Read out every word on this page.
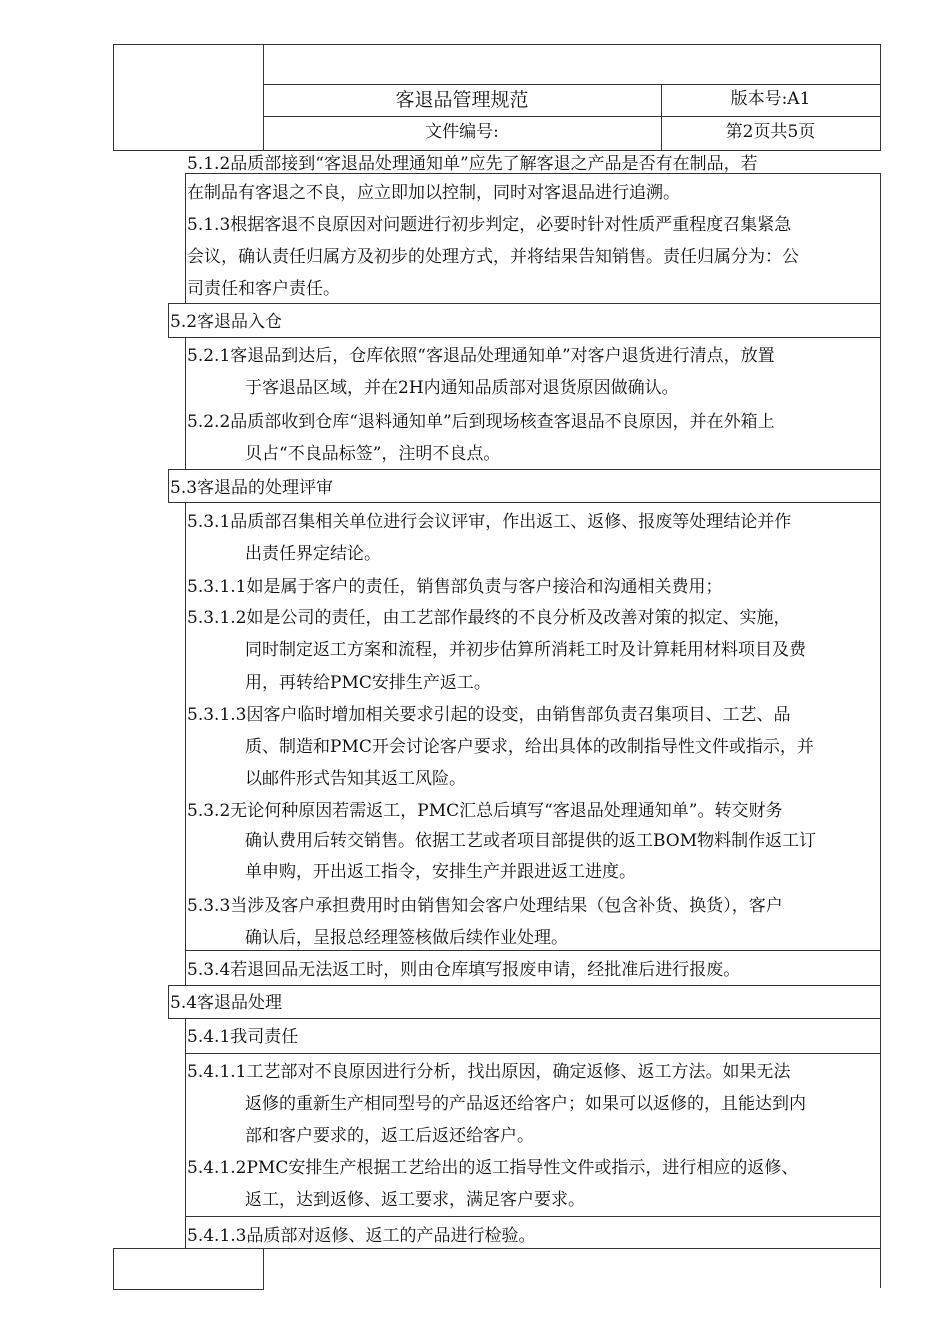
客退品管理规范	版本号:A1
文件编号:	第2页共5页
5.1.2品质部接到“客退品处理通知单”应先了解客退之产品是否有在制品，若
在制品有客退之不良，应立即加以控制，同时对客退品进行追溯。
5.1.3根据客退不良原因对问题进行初步判定，必要时针对性质严重程度召集紧急
会议，确认责任归属方及初步的处理方式，并将结果告知销售。责任归属分为：公
司责任和客户责任。
5.2客退品入仓
5.2.1客退品到达后，仓库依照“客退品处理通知单”对客户退货进行清点，放置
于客退品区域，并在2H内通知品质部对退货原因做确认。
5.2.2品质部收到仓库“退料通知单”后到现场核查客退品不良原因，并在外箱上
贝占“不良品标签”，注明不良点。
5.3客退品的处理评审
5.3.1品质部召集相关单位进行会议评审，作出返工、返修、报废等处理结论并作
出责任界定结论。
5.3.1.1如是属于客户的责任，销售部负责与客户接洽和沟通相关费用；
5.3.1.2如是公司的责任，由工艺部作最终的不良分析及改善对策的拟定、实施，
同时制定返工方案和流程，并初步估算所消耗工时及计算耗用材料项目及费
用，再转给PMC安排生产返工。
5.3.1.3因客户临时增加相关要求引起的设变，由销售部负责召集项目、工艺、品
质、制造和PMC开会讨论客户要求，给出具体的改制指导性文件或指示，并
以邮件形式告知其返工风险。
5.3.2无论何种原因若需返工，PMC汇总后填写“客退品处理通知单”。转交财务
确认费用后转交销售。依据工艺或者项目部提供的返工BOM物料制作返工订
单申购，开出返工指令，安排生产并跟进返工进度。
5.3.3当涉及客户承担费用时由销售知会客户处理结果（包含补货、换货），客户
确认后，呈报总经理签核做后续作业处理。
5.3.4若退回品无法返工时，则由仓库填写报废申请，经批准后进行报废。
5.4客退品处理
5.4.1我司责任
5.4.1.1工艺部对不良原因进行分析，找出原因，确定返修、返工方法。如果无法
返修的重新生产相同型号的产品返还给客户；如果可以返修的，且能达到内
部和客户要求的，返工后返还给客户。
5.4.1.2PMC安排生产根据工艺给出的返工指导性文件或指示，进行相应的返修、
返工，达到返修、返工要求，满足客户要求。
5.4.1.3品质部对返修、返工的产品进行检验。
